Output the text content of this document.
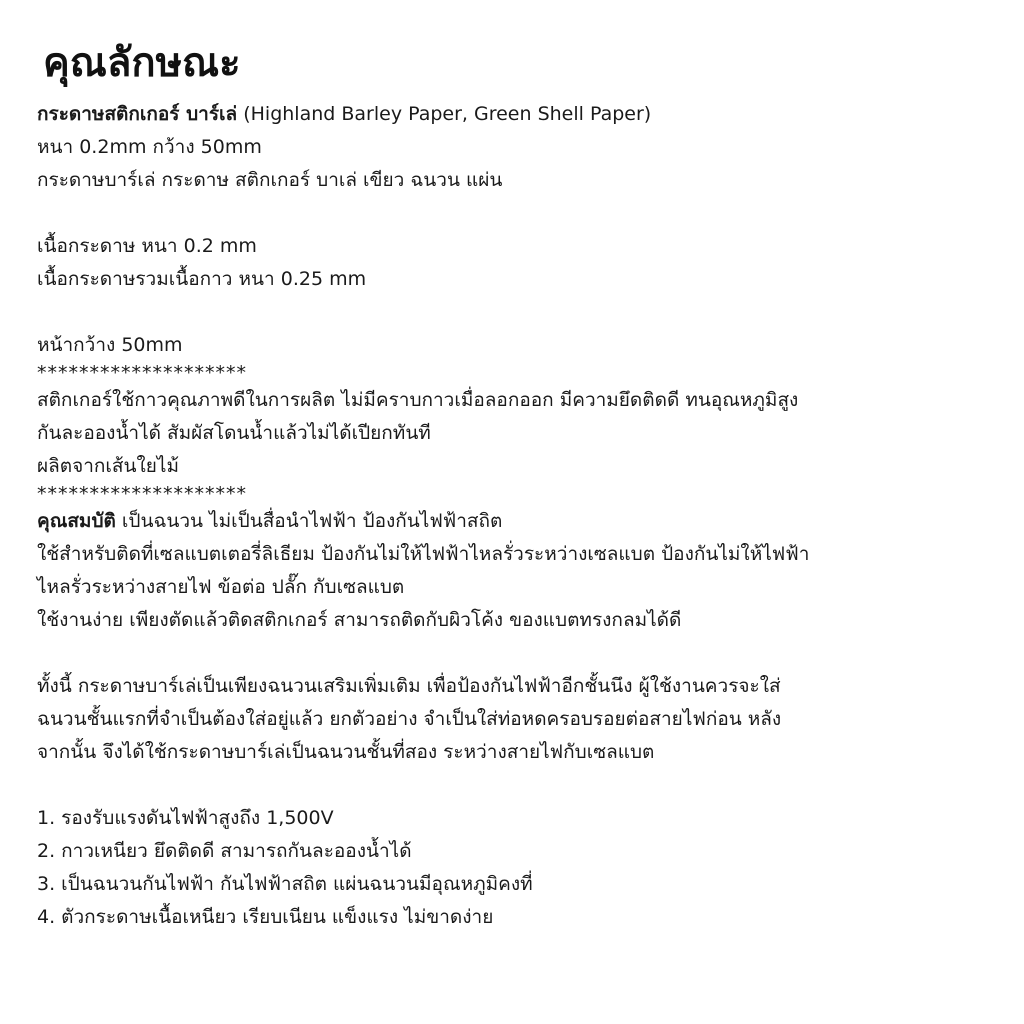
คุณลักษณะ

กระดาษสติกเกอร์ บาร์เล่ (Highland Barley Paper, Green Shell Paper)

หนา 0.2mm กว้าง 50mm

กระดาษบาร์เล่ กระดาษ สติกเกอร์ บาเล่ เขียว ฉนวน แผ่น

เนื้อกระดาษ หนา 0.2 mm

เนื้อกระดาษรวมเนื้อกาว หนา 0.25 mm

หน้ากว้าง 50mm

********************

สติกเกอร์ใช้กาวคุณภาพดีในการผลิต ไม่มีคราบกาวเมื่อลอกออก มีความยึดติดดี ทนอุณหภูมิสูง

กันละอองน้ำได้ สัมผัสโดนน้ำแล้วไม่ได้เปียกทันที

ผลิตจากเส้นใยไม้

********************

คุณสมบัติ เป็นฉนวน ไม่เป็นสื่อนำไฟฟ้า ป้องกันไฟฟ้าสถิต

ใช้สำหรับติดที่เซลแบตเตอรี่ลิเธียม ป้องกันไม่ให้ไฟฟ้าไหลรั่วระหว่างเซลแบต ป้องกันไม่ให้ไฟฟ้า

ไหลรั่วระหว่างสายไฟ ข้อต่อ ปลั๊ก กับเซลแบต

ใช้งานง่าย เพียงตัดแล้วติดสติกเกอร์ สามารถติดกับผิวโค้ง ของแบตทรงกลมได้ดี

ทั้งนี้ กระดาษบาร์เล่เป็นเพียงฉนวนเสริมเพิ่มเติม เพื่อป้องกันไฟฟ้าอีกชั้นนึง ผู้ใช้งานควรจะใส่

ฉนวนชั้นแรกที่จำเป็นต้องใส่อยู่แล้ว ยกตัวอย่าง จำเป็นใส่ท่อหดครอบรอยต่อสายไฟก่อน หลัง

จากนั้น จึงได้ใช้กระดาษบาร์เล่เป็นฉนวนชั้นที่สอง ระหว่างสายไฟกับเซลแบต

1. รองรับแรงดันไฟฟ้าสูงถึง 1,500V
2. กาวเหนียว ยึดติดดี สามารถกันละอองน้ำได้
3. เป็นฉนวนกันไฟฟ้า กันไฟฟ้าสถิต แผ่นฉนวนมีอุณหภูมิคงที่
4. ตัวกระดาษเนื้อเหนียว เรียบเนียน แข็งแรง ไม่ขาดง่าย
